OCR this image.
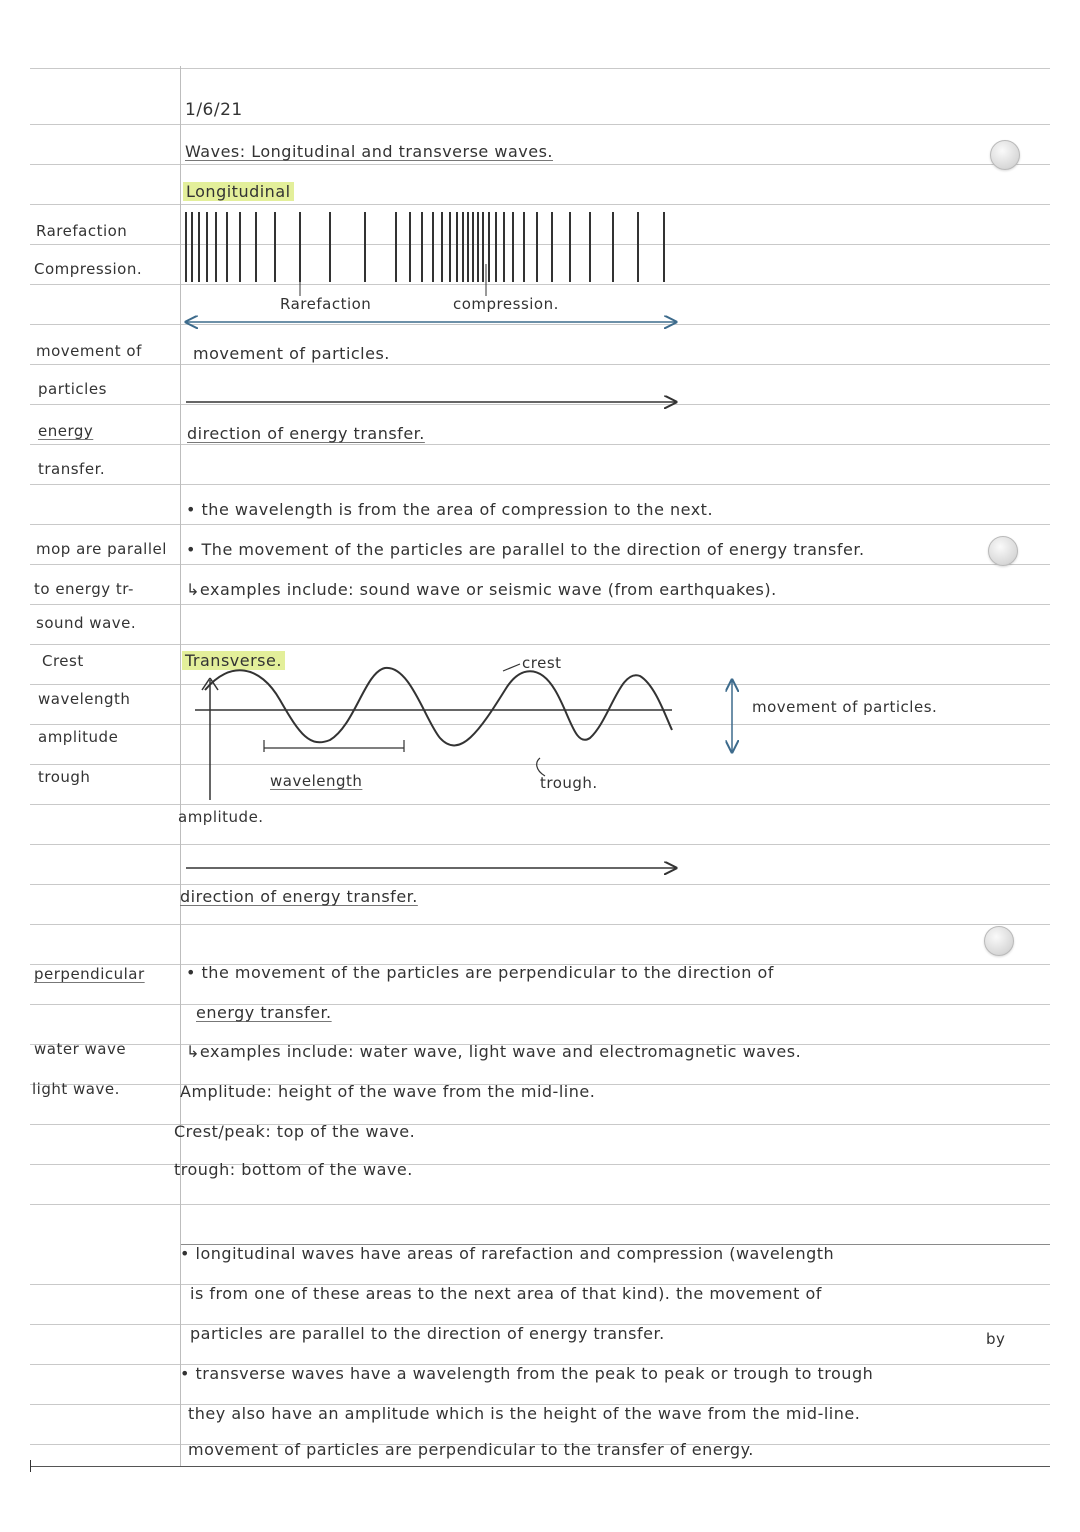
1/6/21
Waves: Longitudinal and transverse waves.
Longitudinal
Rarefaction
Compression.
Rarefaction	compression.
movement of
particles
movement of particles.
energy
transfer.
direction of energy transfer.
• the wavelength is from the area of compression to the next.
mop are parallel • The movement of the particles are parallel to the direction of energy transfer.
to energy tr-	↳examples include: sound wave or seismic wave (from earthquakes).
sound wave.
Transverse.
Crest
wavelength
amplitude
trough
crest
trough.
wavelength
amplitude.
movement of particles.
direction of energy transfer.
perpendicular	• the movement of the particles are perpendicular to the direction of
energy transfer.
water wave	↳examples include: water wave, light wave and electromagnetic waves.
light wave.	Amplitude: height of the wave from the mid-line.
Crest/peak: top of the wave.
trough: bottom of the wave.
• longitudinal waves have areas of rarefaction and compression (wavelength
is from one of these areas to the next area of that kind). the movement of
particles are parallel to the direction of energy transfer.	by
• transverse waves have a wavelength from the peak to peak or trough to trough
they also have an amplitude which is the height of the wave from the mid-line.
movement of particles are perpendicular to the transfer of energy.
